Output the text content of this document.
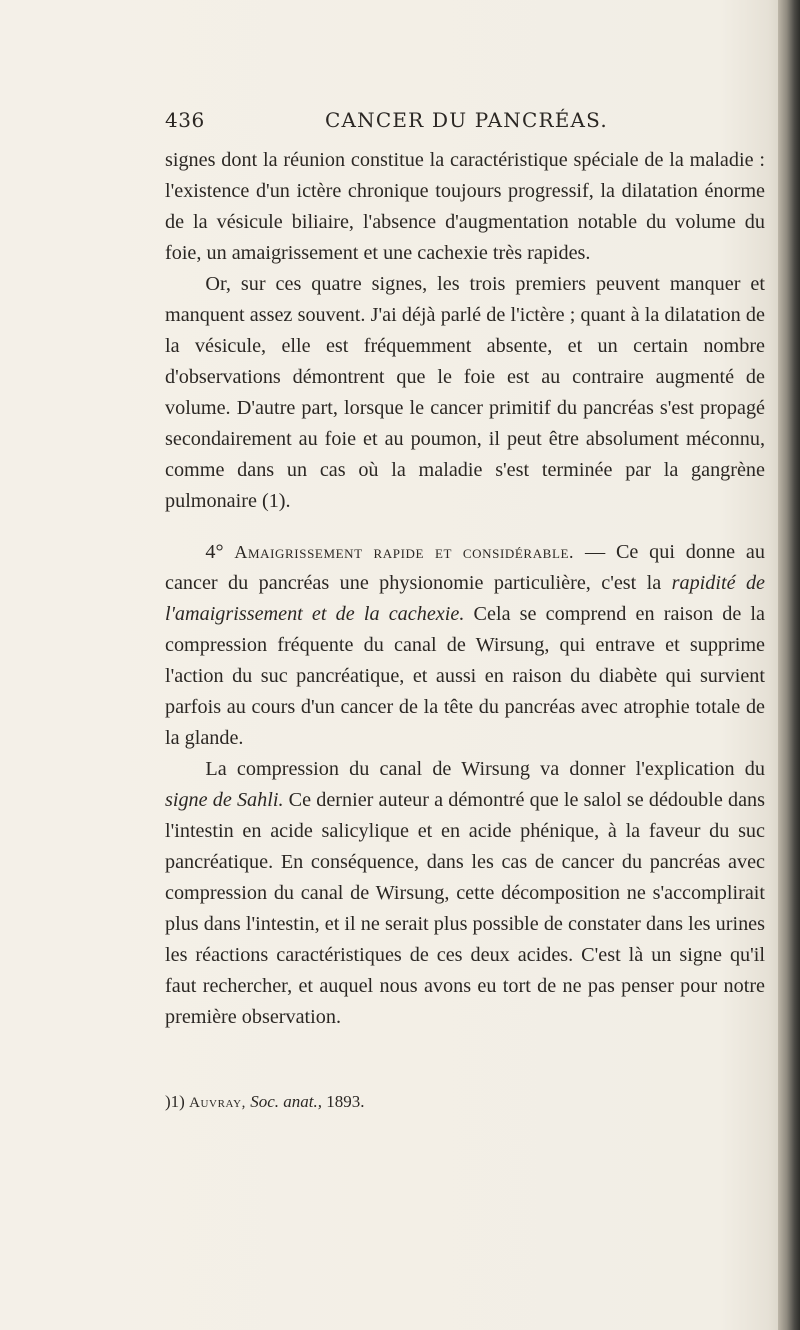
436	CANCER DU PANCRÉAS.

signes dont la réunion constitue la caractéristique spéciale de la maladie : l'existence d'un ictère chronique toujours progressif, la dilatation énorme de la vésicule biliaire, l'absence d'augmentation notable du volume du foie, un amaigrissement et une cachexie très rapides.

Or, sur ces quatre signes, les trois premiers peuvent manquer et manquent assez souvent. J'ai déjà parlé de l'ictère ; quant à la dilatation de la vésicule, elle est fréquemment absente, et un certain nombre d'observations démontrent que le foie est au contraire augmenté de volume. D'autre part, lorsque le cancer primitif du pancréas s'est propagé secondairement au foie et au poumon, il peut être absolument méconnu, comme dans un cas où la maladie s'est terminée par la gangrène pulmonaire (1).

4° Amaigrissement rapide et considérable. — Ce qui donne au cancer du pancréas une physionomie particulière, c'est la rapidité de l'amaigrissement et de la cachexie. Cela se comprend en raison de la compression fréquente du canal de Wirsung, qui entrave et supprime l'action du suc pancréatique, et aussi en raison du diabète qui survient parfois au cours d'un cancer de la tête du pancréas avec atrophie totale de la glande.

La compression du canal de Wirsung va donner l'explication du signe de Sahli. Ce dernier auteur a démontré que le salol se dédouble dans l'intestin en acide salicylique et en acide phénique, à la faveur du suc pancréatique. En conséquence, dans les cas de cancer du pancréas avec compression du canal de Wirsung, cette décomposition ne s'accomplirait plus dans l'intestin, et il ne serait plus possible de constater dans les urines les réactions caractéristiques de ces deux acides. C'est là un signe qu'il faut rechercher, et auquel nous avons eu tort de ne pas penser pour notre première observation.

)1) Auvray, Soc. anat., 1893.
